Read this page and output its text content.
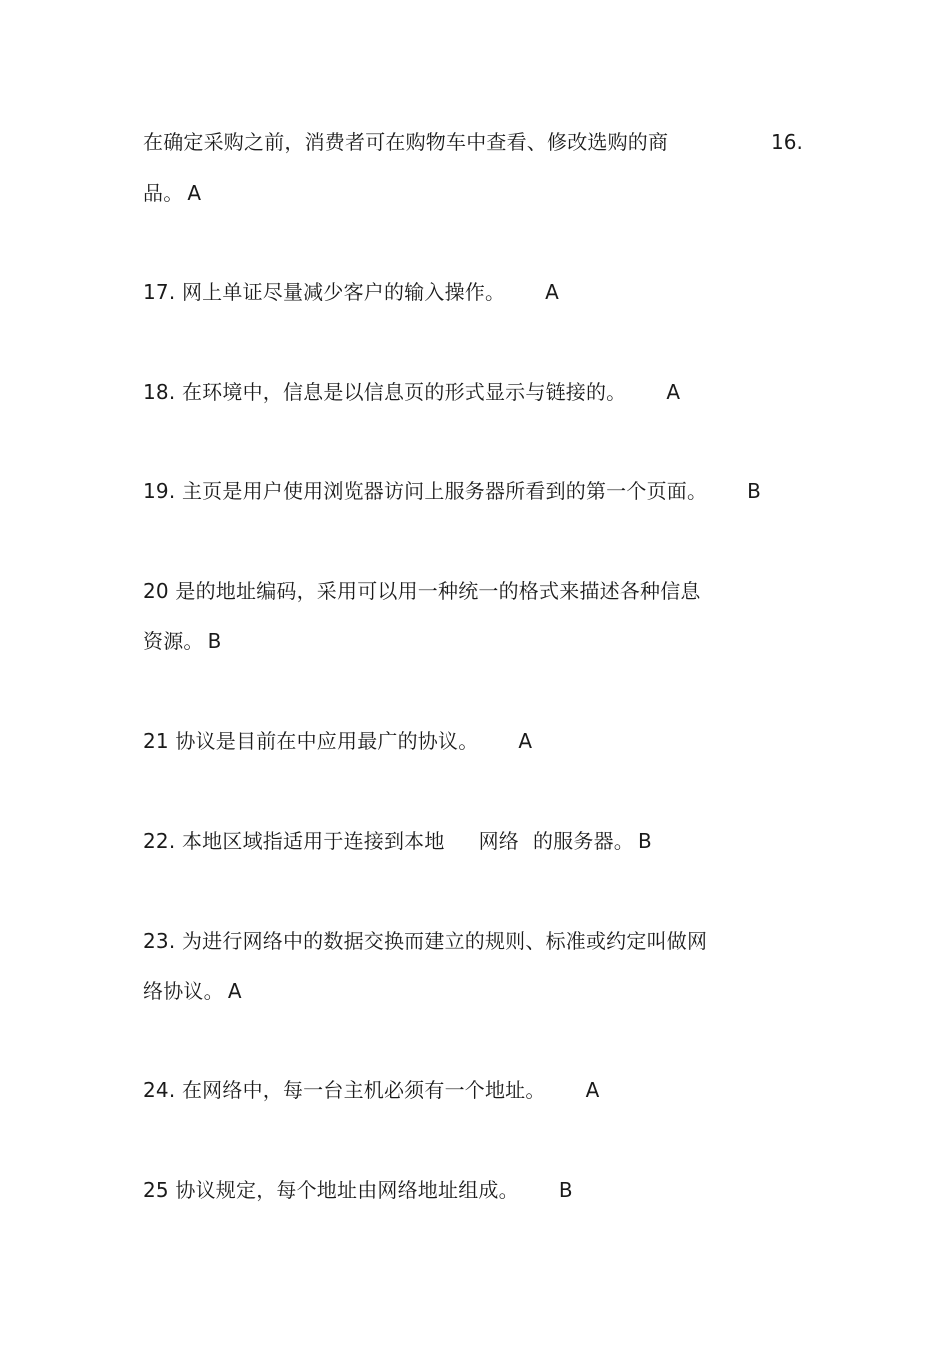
在确定采购之前，消费者可在购物车中查看、修改选购的商	16.
品。 A
17. 网上单证尽量减少客户的输入操作。 A
18. 在环境中，信息是以信息页的形式显示与链接的。 A
19. 主页是用户使用浏览器访问上服务器所看到的第一个页面。 B
20 是的地址编码，采用可以用一种统一的格式来描述各种信息
资源。 B
21 协议是目前在中应用最广的协议。 A
22. 本地区域指适用于连接到本地 网络 的服务器。 B
23. 为进行网络中的数据交换而建立的规则、标准或约定叫做网
络协议。 A
24. 在网络中，每一台主机必须有一个地址。 A
25 协议规定，每个地址由网络地址组成。 B
